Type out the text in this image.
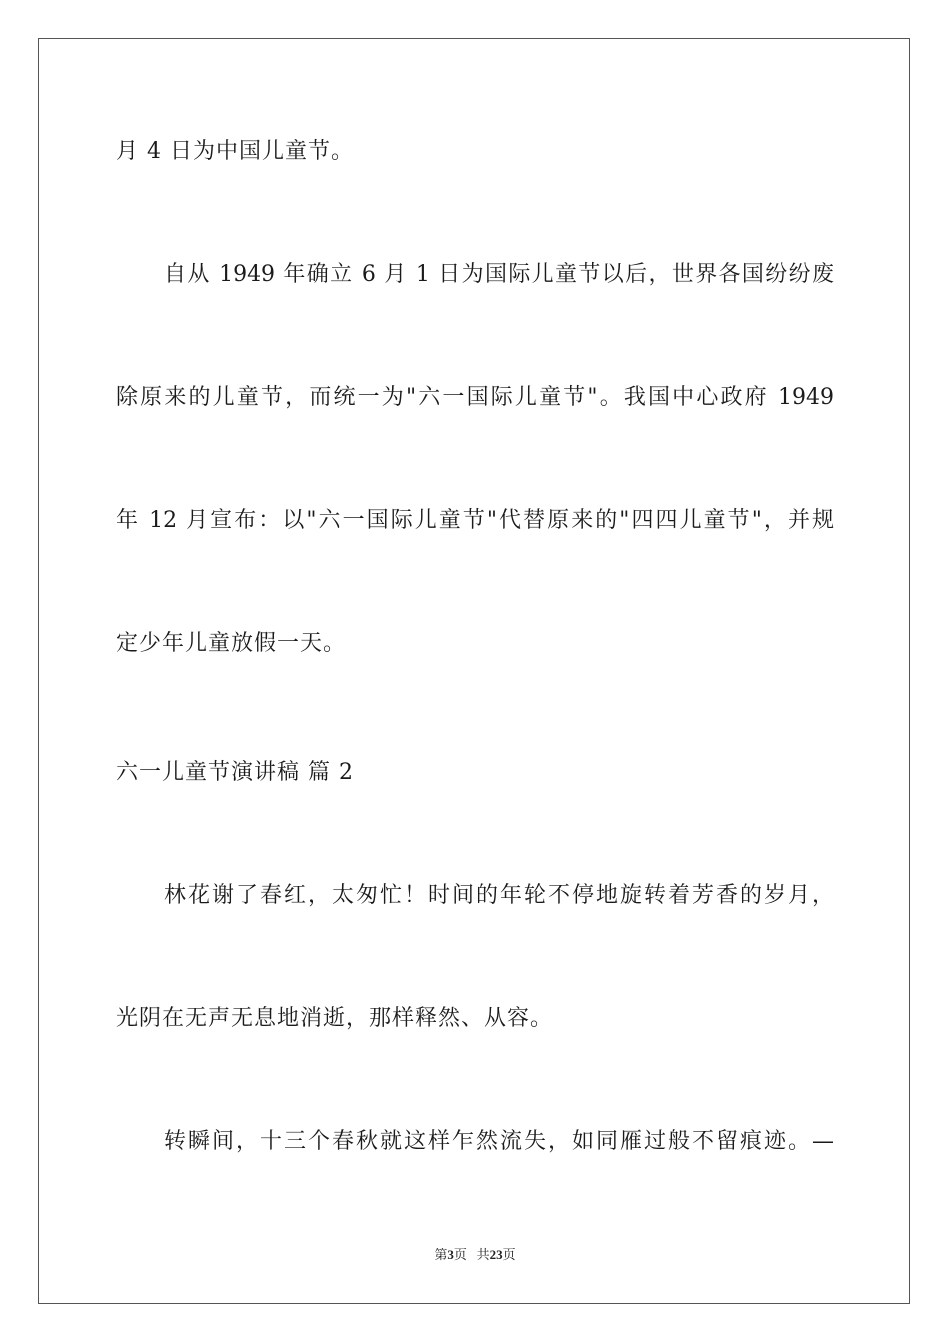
月 4 日为中国儿童节。
自从 1949 年确立 6 月 1 日为国际儿童节以后，世界各国纷纷废
除原来的儿童节，而统一为"六一国际儿童节"。我国中心政府 1949
年 12 月宣布：以"六一国际儿童节"代替原来的"四四儿童节"，并规
定少年儿童放假一天。
六一儿童节演讲稿 篇 2
林花谢了春红，太匆忙！时间的年轮不停地旋转着芳香的岁月，
光阴在无声无息地消逝，那样释然、从容。
转瞬间，十三个春秋就这样乍然流失，如同雁过般不留痕迹。—
第3页 共23页
